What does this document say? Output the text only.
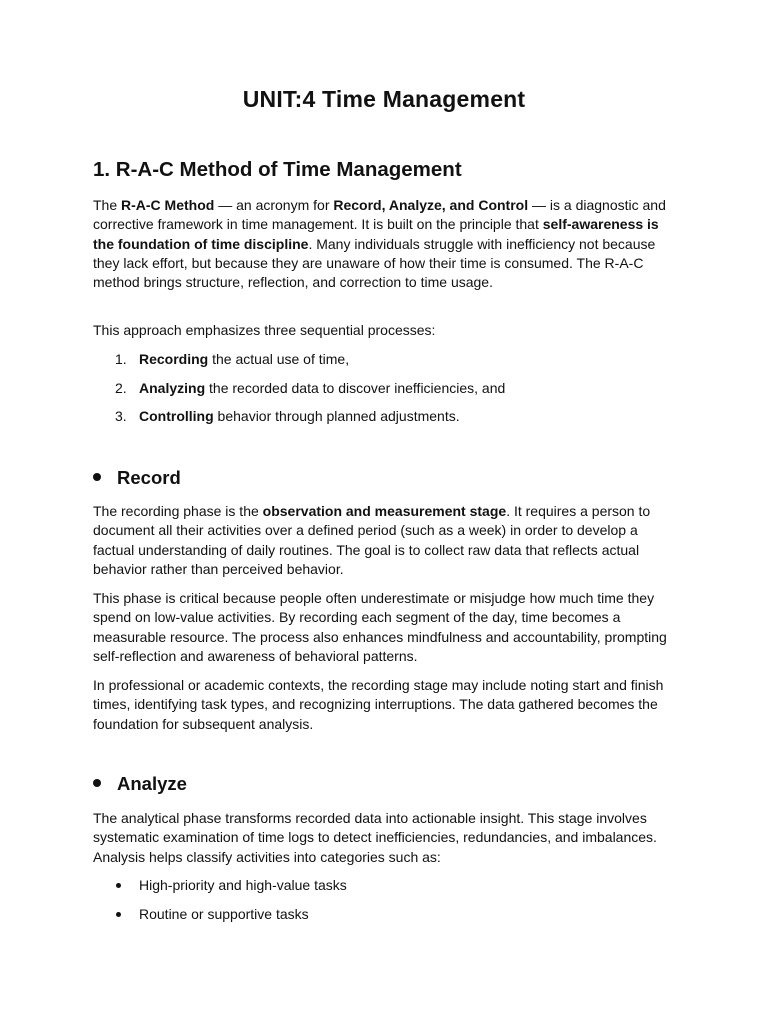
UNIT:4 Time Management
1. R-A-C Method of Time Management

The R-A-C Method — an acronym for Record, Analyze, and Control — is a diagnostic and corrective framework in time management. It is built on the principle that self-awareness is the foundation of time discipline. Many individuals struggle with inefficiency not because they lack effort, but because they are unaware of how their time is consumed. The R-A-C method brings structure, reflection, and correction to time usage.

This approach emphasizes three sequential processes:

1. Recording the actual use of time,
2. Analyzing the recorded data to discover inefficiencies, and
3. Controlling behavior through planned adjustments.
Record

The recording phase is the observation and measurement stage. It requires a person to document all their activities over a defined period (such as a week) in order to develop a factual understanding of daily routines. The goal is to collect raw data that reflects actual behavior rather than perceived behavior.

This phase is critical because people often underestimate or misjudge how much time they spend on low-value activities. By recording each segment of the day, time becomes a measurable resource. The process also enhances mindfulness and accountability, prompting self-reflection and awareness of behavioral patterns.

In professional or academic contexts, the recording stage may include noting start and finish times, identifying task types, and recognizing interruptions. The data gathered becomes the foundation for subsequent analysis.

Analyze

The analytical phase transforms recorded data into actionable insight. This stage involves systematic examination of time logs to detect inefficiencies, redundancies, and imbalances. Analysis helps classify activities into categories such as:

High-priority and high-value tasks
Routine or supportive tasks
